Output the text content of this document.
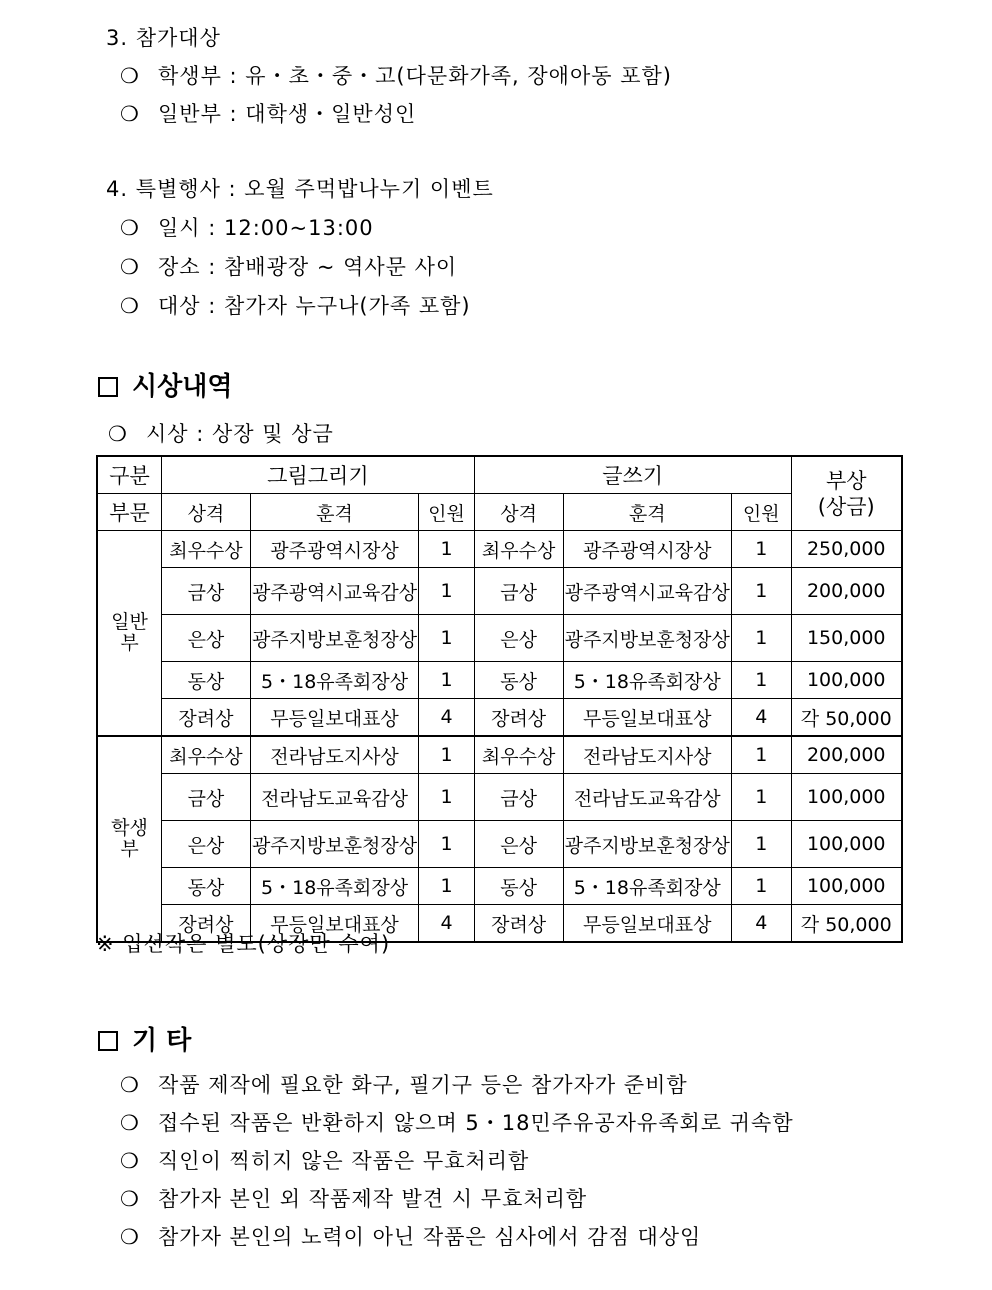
3. 참가대상
❍ 학생부 : 유・초・중・고(다문화가족, 장애아동 포함)
❍ 일반부 : 대학생・일반성인
4. 특별행사 : 오월 주먹밥나누기 이벤트
❍ 일시 : 12:00~13:00
❍ 장소 : 참배광장 ~ 역사문 사이
❍ 대상 : 참가자 누구나(가족 포함)
시상내역
❍ 시상 : 상장 및 상금
구분	그림그리기			글쓰기			부상
(상금)

부문	상격	훈격	인원	상격	훈격	인원	

일반
부	최우수상	광주광역시장상	1	최우수상	광주광역시장상	1	250,000
	금상	광주광역시교육감상	1	금상	광주광역시교육감상	1	200,000
	은상	광주지방보훈청장상	1	은상	광주지방보훈청장상	1	150,000
	동상	5・18유족회장상	1	동상	5・18유족회장상	1	100,000
	장려상	무등일보대표상	4	장려상	무등일보대표상	4	각 50,000

학생
부	최우수상	전라남도지사상	1	최우수상	전라남도지사상	1	200,000
	금상	전라남도교육감상	1	금상	전라남도교육감상	1	100,000
	은상	광주지방보훈청장상	1	은상	광주지방보훈청장상	1	100,000
	동상	5・18유족회장상	1	동상	5・18유족회장상	1	100,000
	장려상	무등일보대표상	4	장려상	무등일보대표상	4	각 50,000
※ 입선작은 별도(상장만 수여)
기 타
❍ 작품 제작에 필요한 화구, 필기구 등은 참가자가 준비함
❍ 접수된 작품은 반환하지 않으며 5・18민주유공자유족회로 귀속함
❍ 직인이 찍히지 않은 작품은 무효처리함
❍ 참가자 본인 외 작품제작 발견 시 무효처리함
❍ 참가자 본인의 노력이 아닌 작품은 심사에서 감점 대상임
